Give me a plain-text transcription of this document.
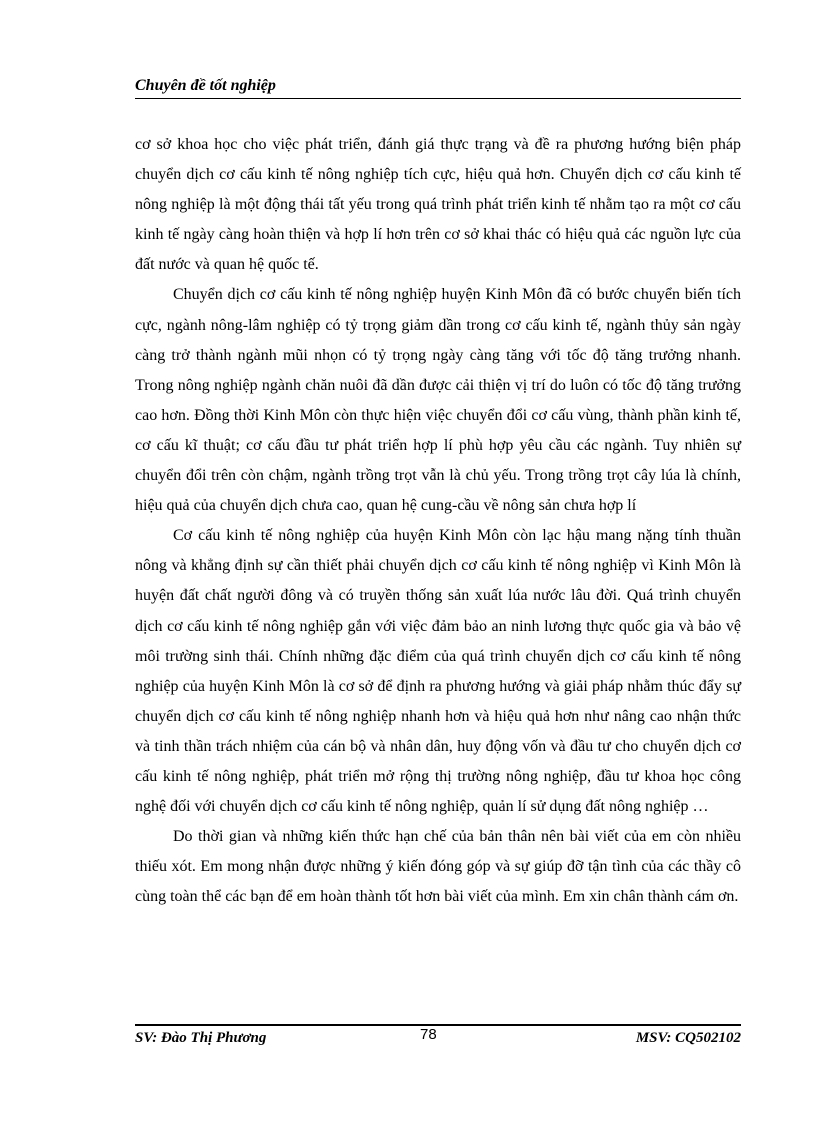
Chuyên đề tốt nghiệp

cơ sở khoa học cho việc phát triển, đánh giá thực trạng và đề ra phương hướng biện pháp chuyển dịch cơ cấu kinh tế nông nghiệp tích cực, hiệu quả hơn. Chuyển dịch cơ cấu kinh tế nông nghiệp là một động thái tất yếu trong quá trình phát triển kinh tế nhằm tạo ra một cơ cấu kinh tế ngày càng hoàn thiện và hợp lí hơn trên cơ sở khai thác có hiệu quả các nguồn lực của đất nước và quan hệ quốc tế.

Chuyển dịch cơ cấu kinh tế nông nghiệp huyện Kinh Môn đã có bước chuyển biến tích cực, ngành nông-lâm nghiệp có tỷ trọng giảm dần trong cơ cấu kinh tế, ngành thủy sản ngày càng trở thành ngành mũi nhọn có tỷ trọng ngày càng tăng với tốc độ tăng trưởng nhanh. Trong nông nghiệp ngành chăn nuôi đã dần được cải thiện vị trí do luôn có tốc độ tăng trưởng cao hơn. Đồng thời Kinh Môn còn thực hiện việc chuyển đổi cơ cấu vùng, thành phần kinh tế, cơ cấu kĩ thuật; cơ cấu đầu tư phát triển hợp lí phù hợp yêu cầu các ngành. Tuy nhiên sự chuyển đổi trên còn chậm, ngành trồng trọt vẫn là chủ yếu. Trong trồng trọt cây lúa là chính, hiệu quả của chuyển dịch chưa cao, quan hệ cung-cầu về nông sản chưa hợp lí

Cơ cấu kinh tế nông nghiệp của huyện Kinh Môn còn lạc hậu mang nặng tính thuần nông và khẳng định sự cần thiết phải chuyển dịch cơ cấu kinh tế nông nghiệp vì Kinh Môn là huyện đất chất người đông và có truyền thống sản xuất lúa nước lâu đời. Quá trình chuyển dịch cơ cấu kinh tế nông nghiệp gắn với việc đảm bảo an ninh lương thực quốc gia và bảo vệ môi trường sinh thái. Chính những đặc điểm của quá trình chuyển dịch cơ cấu kinh tế nông nghiệp của huyện Kinh Môn là cơ sở để định ra phương hướng và giải pháp nhằm thúc đẩy sự chuyển dịch cơ cấu kinh tế nông nghiệp nhanh hơn và hiệu quả hơn như nâng cao nhận thức và tinh thần trách nhiệm của cán bộ và nhân dân, huy động vốn và đầu tư cho chuyển dịch cơ cấu kinh tế nông nghiệp, phát triển mở rộng thị trường nông nghiệp, đầu tư khoa học công nghệ đối với chuyển dịch cơ cấu kinh tế nông nghiệp, quản lí sử dụng đất nông nghiệp …

Do thời gian và những kiến thức hạn chế của bản thân nên bài viết của em còn nhiều thiếu xót. Em mong nhận được những ý kiến đóng góp và sự giúp đỡ tận tình của các thầy cô cùng toàn thể các bạn để em hoàn thành tốt hơn bài viết của mình. Em xin chân thành cám ơn.

SV: Đào Thị Phương	78	MSV: CQ502102
